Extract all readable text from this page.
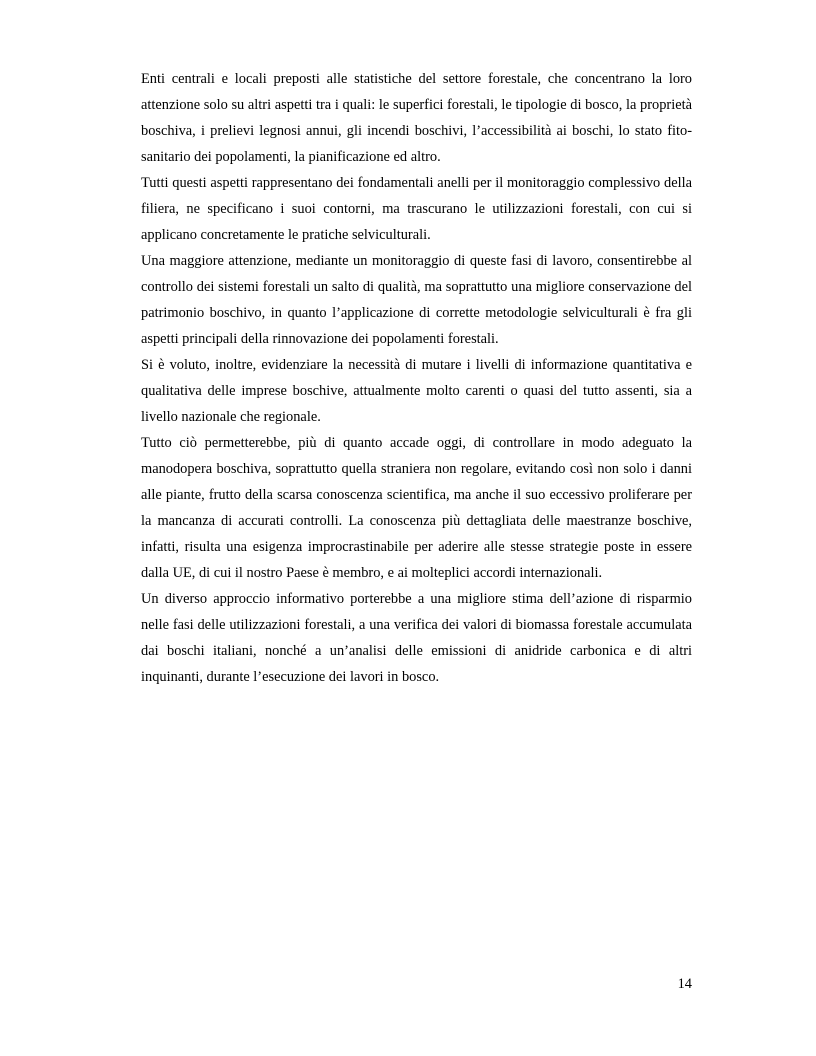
Enti centrali e locali preposti alle statistiche del settore forestale, che concentrano la loro attenzione solo su altri aspetti tra i quali: le superfici forestali, le tipologie di bosco, la proprietà boschiva, i prelievi legnosi annui, gli incendi boschivi, l’accessibilità ai boschi, lo stato fito-sanitario dei popolamenti, la pianificazione ed altro.

Tutti questi aspetti rappresentano dei fondamentali anelli per il monitoraggio complessivo della filiera, ne specificano i suoi contorni, ma trascurano le utilizzazioni forestali, con cui si applicano concretamente le pratiche selviculturali.

Una maggiore attenzione, mediante un monitoraggio di queste fasi di lavoro, consentirebbe al controllo dei sistemi forestali un salto di qualità, ma soprattutto una migliore conservazione del patrimonio boschivo, in quanto l’applicazione di corrette metodologie selviculturali è fra gli aspetti principali della rinnovazione dei popolamenti forestali.

Si è voluto, inoltre, evidenziare la necessità di mutare i livelli di informazione quantitativa e qualitativa delle imprese boschive, attualmente molto carenti o quasi del tutto assenti, sia a livello nazionale che regionale.

Tutto ciò permetterebbe, più di quanto accade oggi, di controllare in modo adeguato la manodopera boschiva, soprattutto quella straniera non regolare, evitando così non solo i danni alle piante, frutto della scarsa conoscenza scientifica, ma anche il suo eccessivo proliferare per la mancanza di accurati controlli. La conoscenza più dettagliata delle maestranze boschive, infatti, risulta una esigenza improcrastinabile per aderire alle stesse strategie poste in essere dalla UE, di cui il nostro Paese è membro, e ai molteplici accordi internazionali.

Un diverso approccio informativo porterebbe a una migliore stima dell’azione di risparmio nelle fasi delle utilizzazioni forestali, a una verifica dei valori di biomassa forestale accumulata dai boschi italiani, nonché a un’analisi delle emissioni di anidride carbonica e di altri inquinanti, durante l’esecuzione dei lavori in bosco.

14
